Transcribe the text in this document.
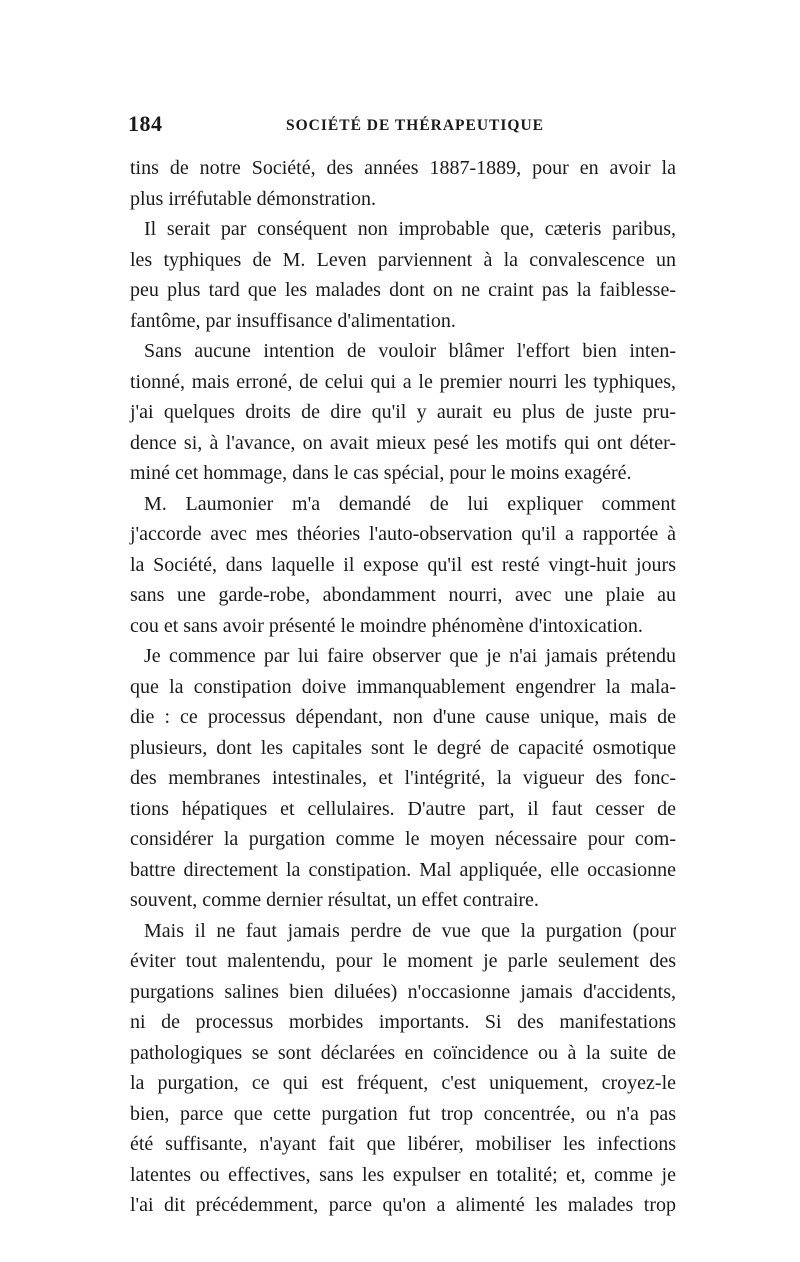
184	SOCIÉTÉ DE THÉRAPEUTIQUE
tins de notre Société, des années 1887-1889, pour en avoir la
plus irréfutable démonstration.
Il serait par conséquent non improbable que, cæteris paribus,
les typhiques de M. Leven parviennent à la convalescence un
peu plus tard que les malades dont on ne craint pas la faiblesse-
fantôme, par insuffisance d'alimentation.
Sans aucune intention de vouloir blâmer l'effort bien inten-
tionné, mais erroné, de celui qui a le premier nourri les typhiques,
j'ai quelques droits de dire qu'il y aurait eu plus de juste pru-
dence si, à l'avance, on avait mieux pesé les motifs qui ont déter-
miné cet hommage, dans le cas spécial, pour le moins exagéré.
M. Laumonier m'a demandé de lui expliquer comment
j'accorde avec mes théories l'auto-observation qu'il a rapportée à
la Société, dans laquelle il expose qu'il est resté vingt-huit jours
sans une garde-robe, abondamment nourri, avec une plaie au
cou et sans avoir présenté le moindre phénomène d'intoxication.
Je commence par lui faire observer que je n'ai jamais prétendu
que la constipation doive immanquablement engendrer la mala-
die : ce processus dépendant, non d'une cause unique, mais de
plusieurs, dont les capitales sont le degré de capacité osmotique
des membranes intestinales, et l'intégrité, la vigueur des fonc-
tions hépatiques et cellulaires. D'autre part, il faut cesser de
considérer la purgation comme le moyen nécessaire pour com-
battre directement la constipation. Mal appliquée, elle occasionne
souvent, comme dernier résultat, un effet contraire.
Mais il ne faut jamais perdre de vue que la purgation (pour
éviter tout malentendu, pour le moment je parle seulement des
purgations salines bien diluées) n'occasionne jamais d'accidents,
ni de processus morbides importants. Si des manifestations
pathologiques se sont déclarées en coïncidence ou à la suite de
la purgation, ce qui est fréquent, c'est uniquement, croyez-le
bien, parce que cette purgation fut trop concentrée, ou n'a pas
été suffisante, n'ayant fait que libérer, mobiliser les infections
latentes ou effectives, sans les expulser en totalité; et, comme je
l'ai dit précédemment, parce qu'on a alimenté les malades trop
